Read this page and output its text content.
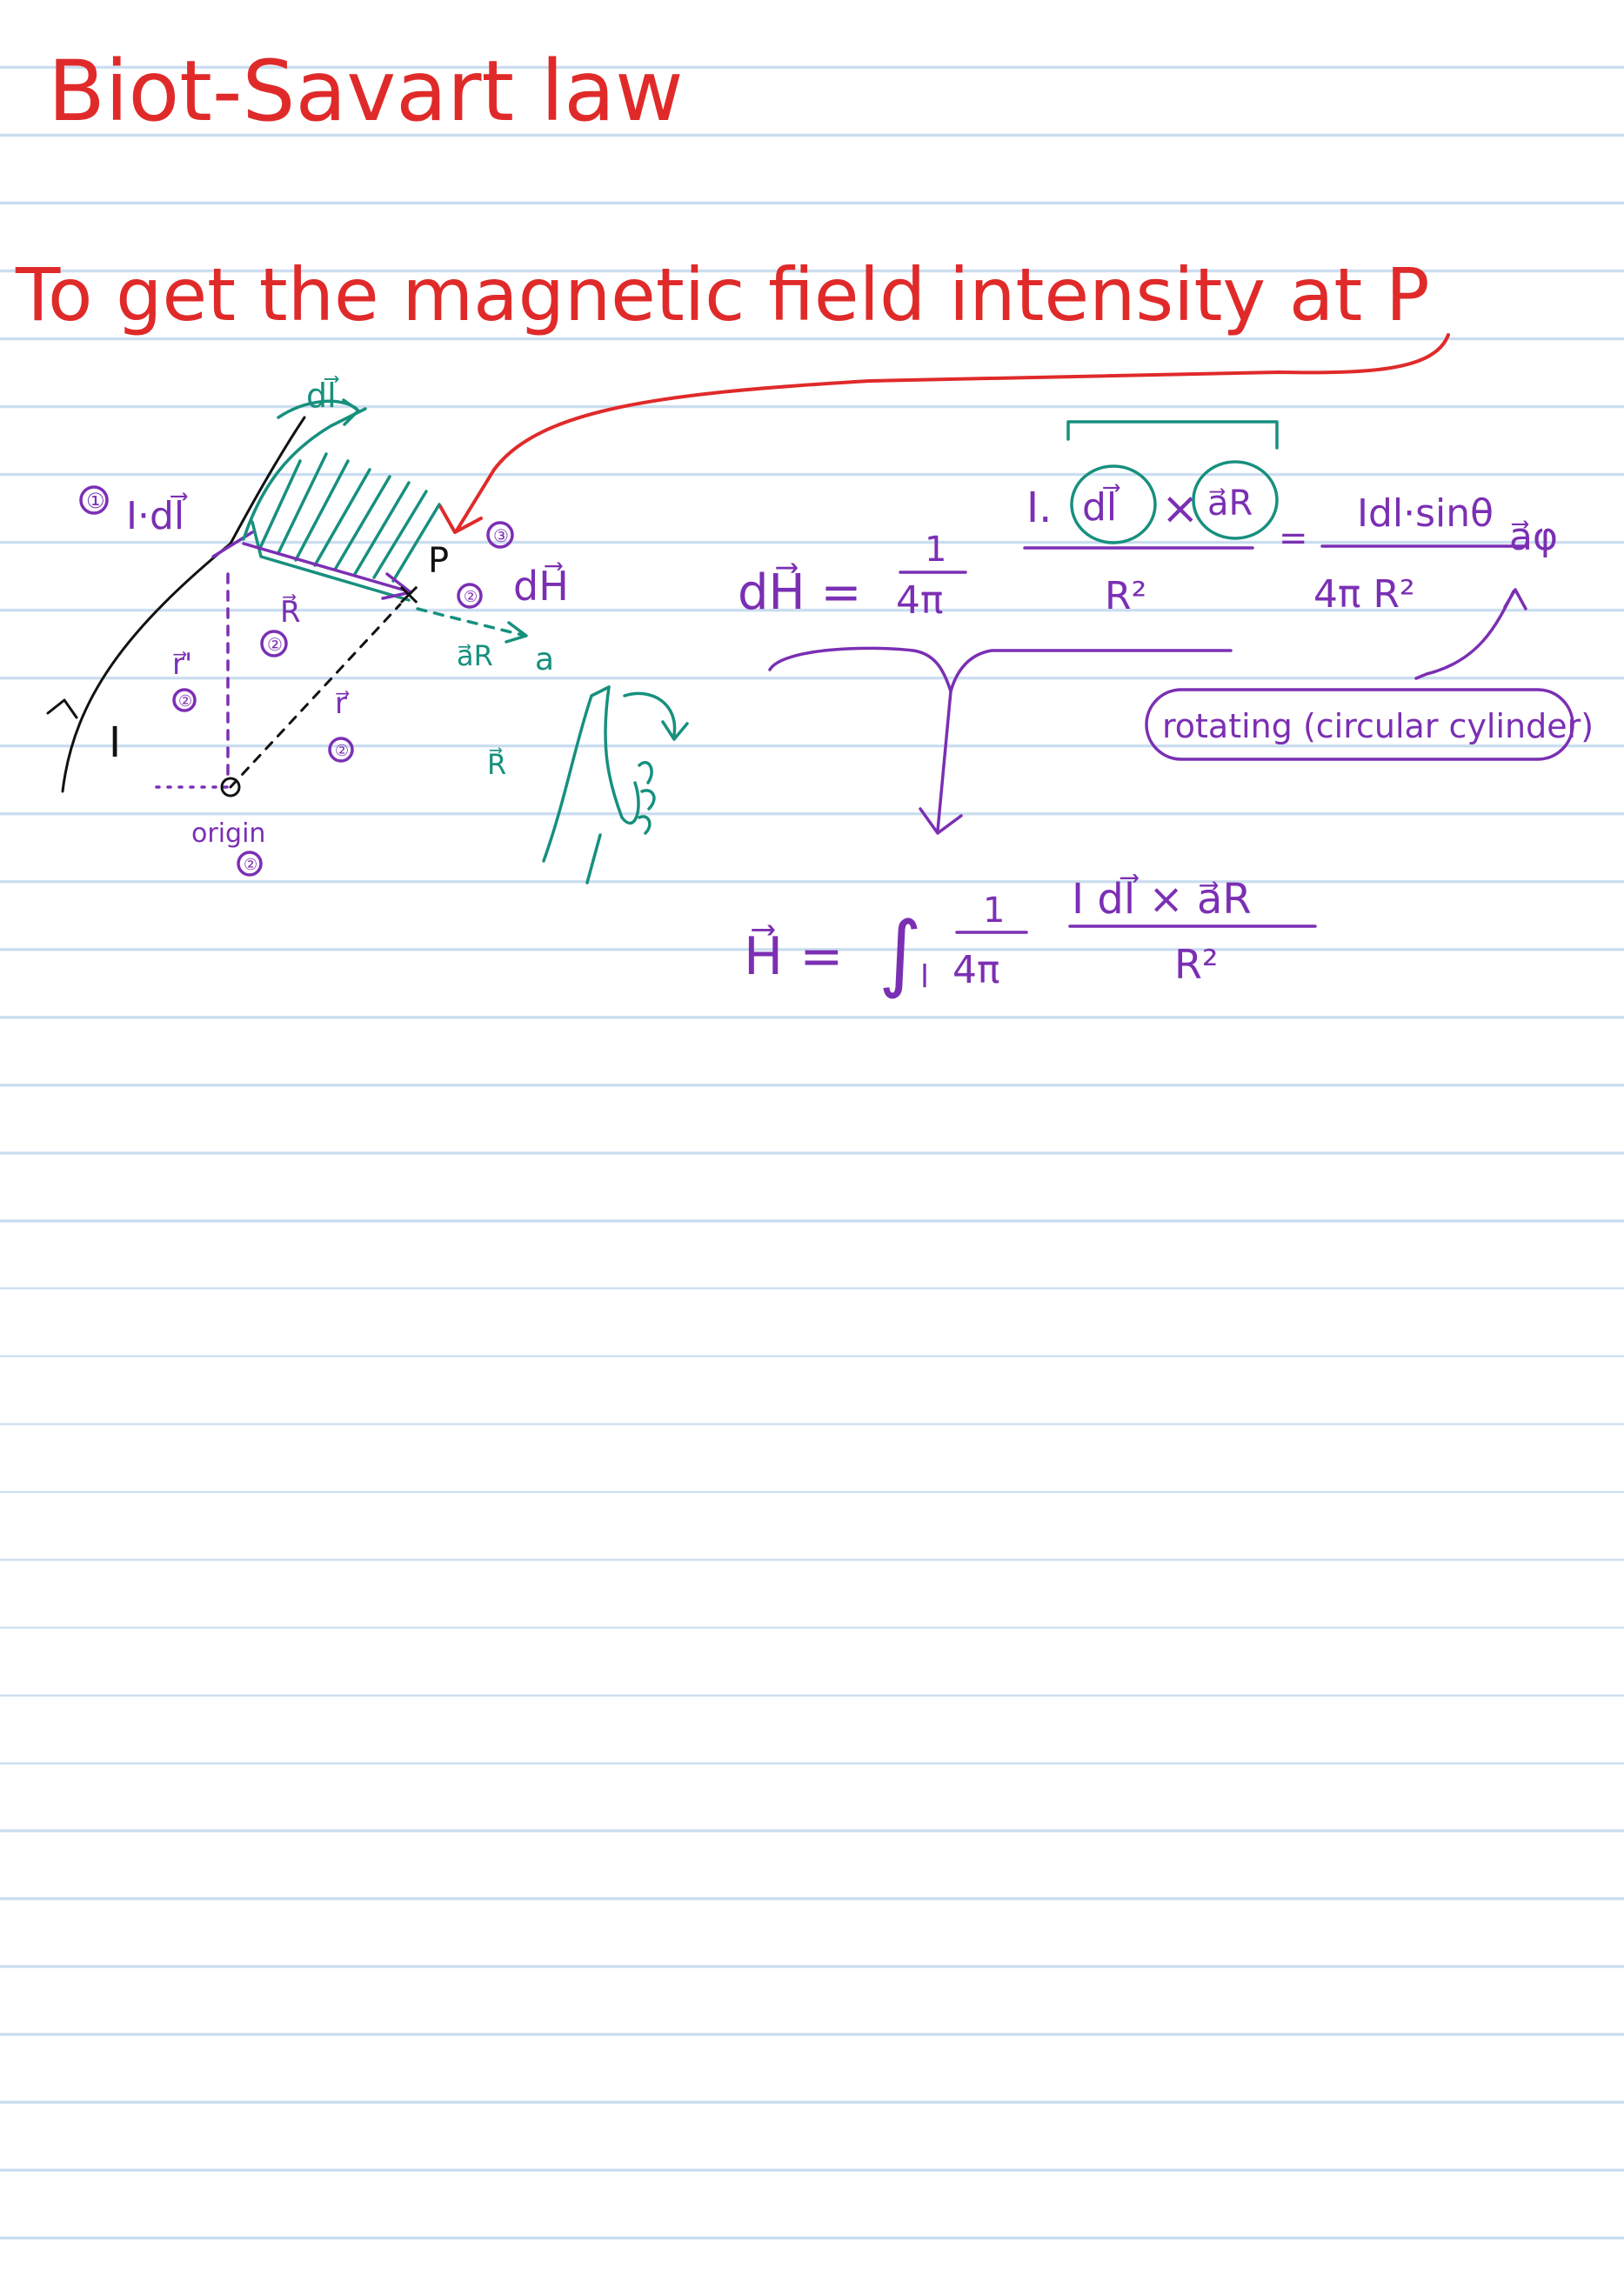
Biot-Savart law
To get the magnetic field intensity at P
I
① I·dl⃗
dl⃗
R⃗	×
P
r⃗'
②
②
r⃗
②
origin
②
③
dH⃗
②
a⃗R a
R⃗
dH⃗ =
1
4π
I. dl⃗ × a⃗R
R²
=
Idl·sinθ
4π R²
a⃗φ
rotating (circular cylinder)
H⃗ = ∫
l
1
4π
I dl⃗ × a⃗R
R²
